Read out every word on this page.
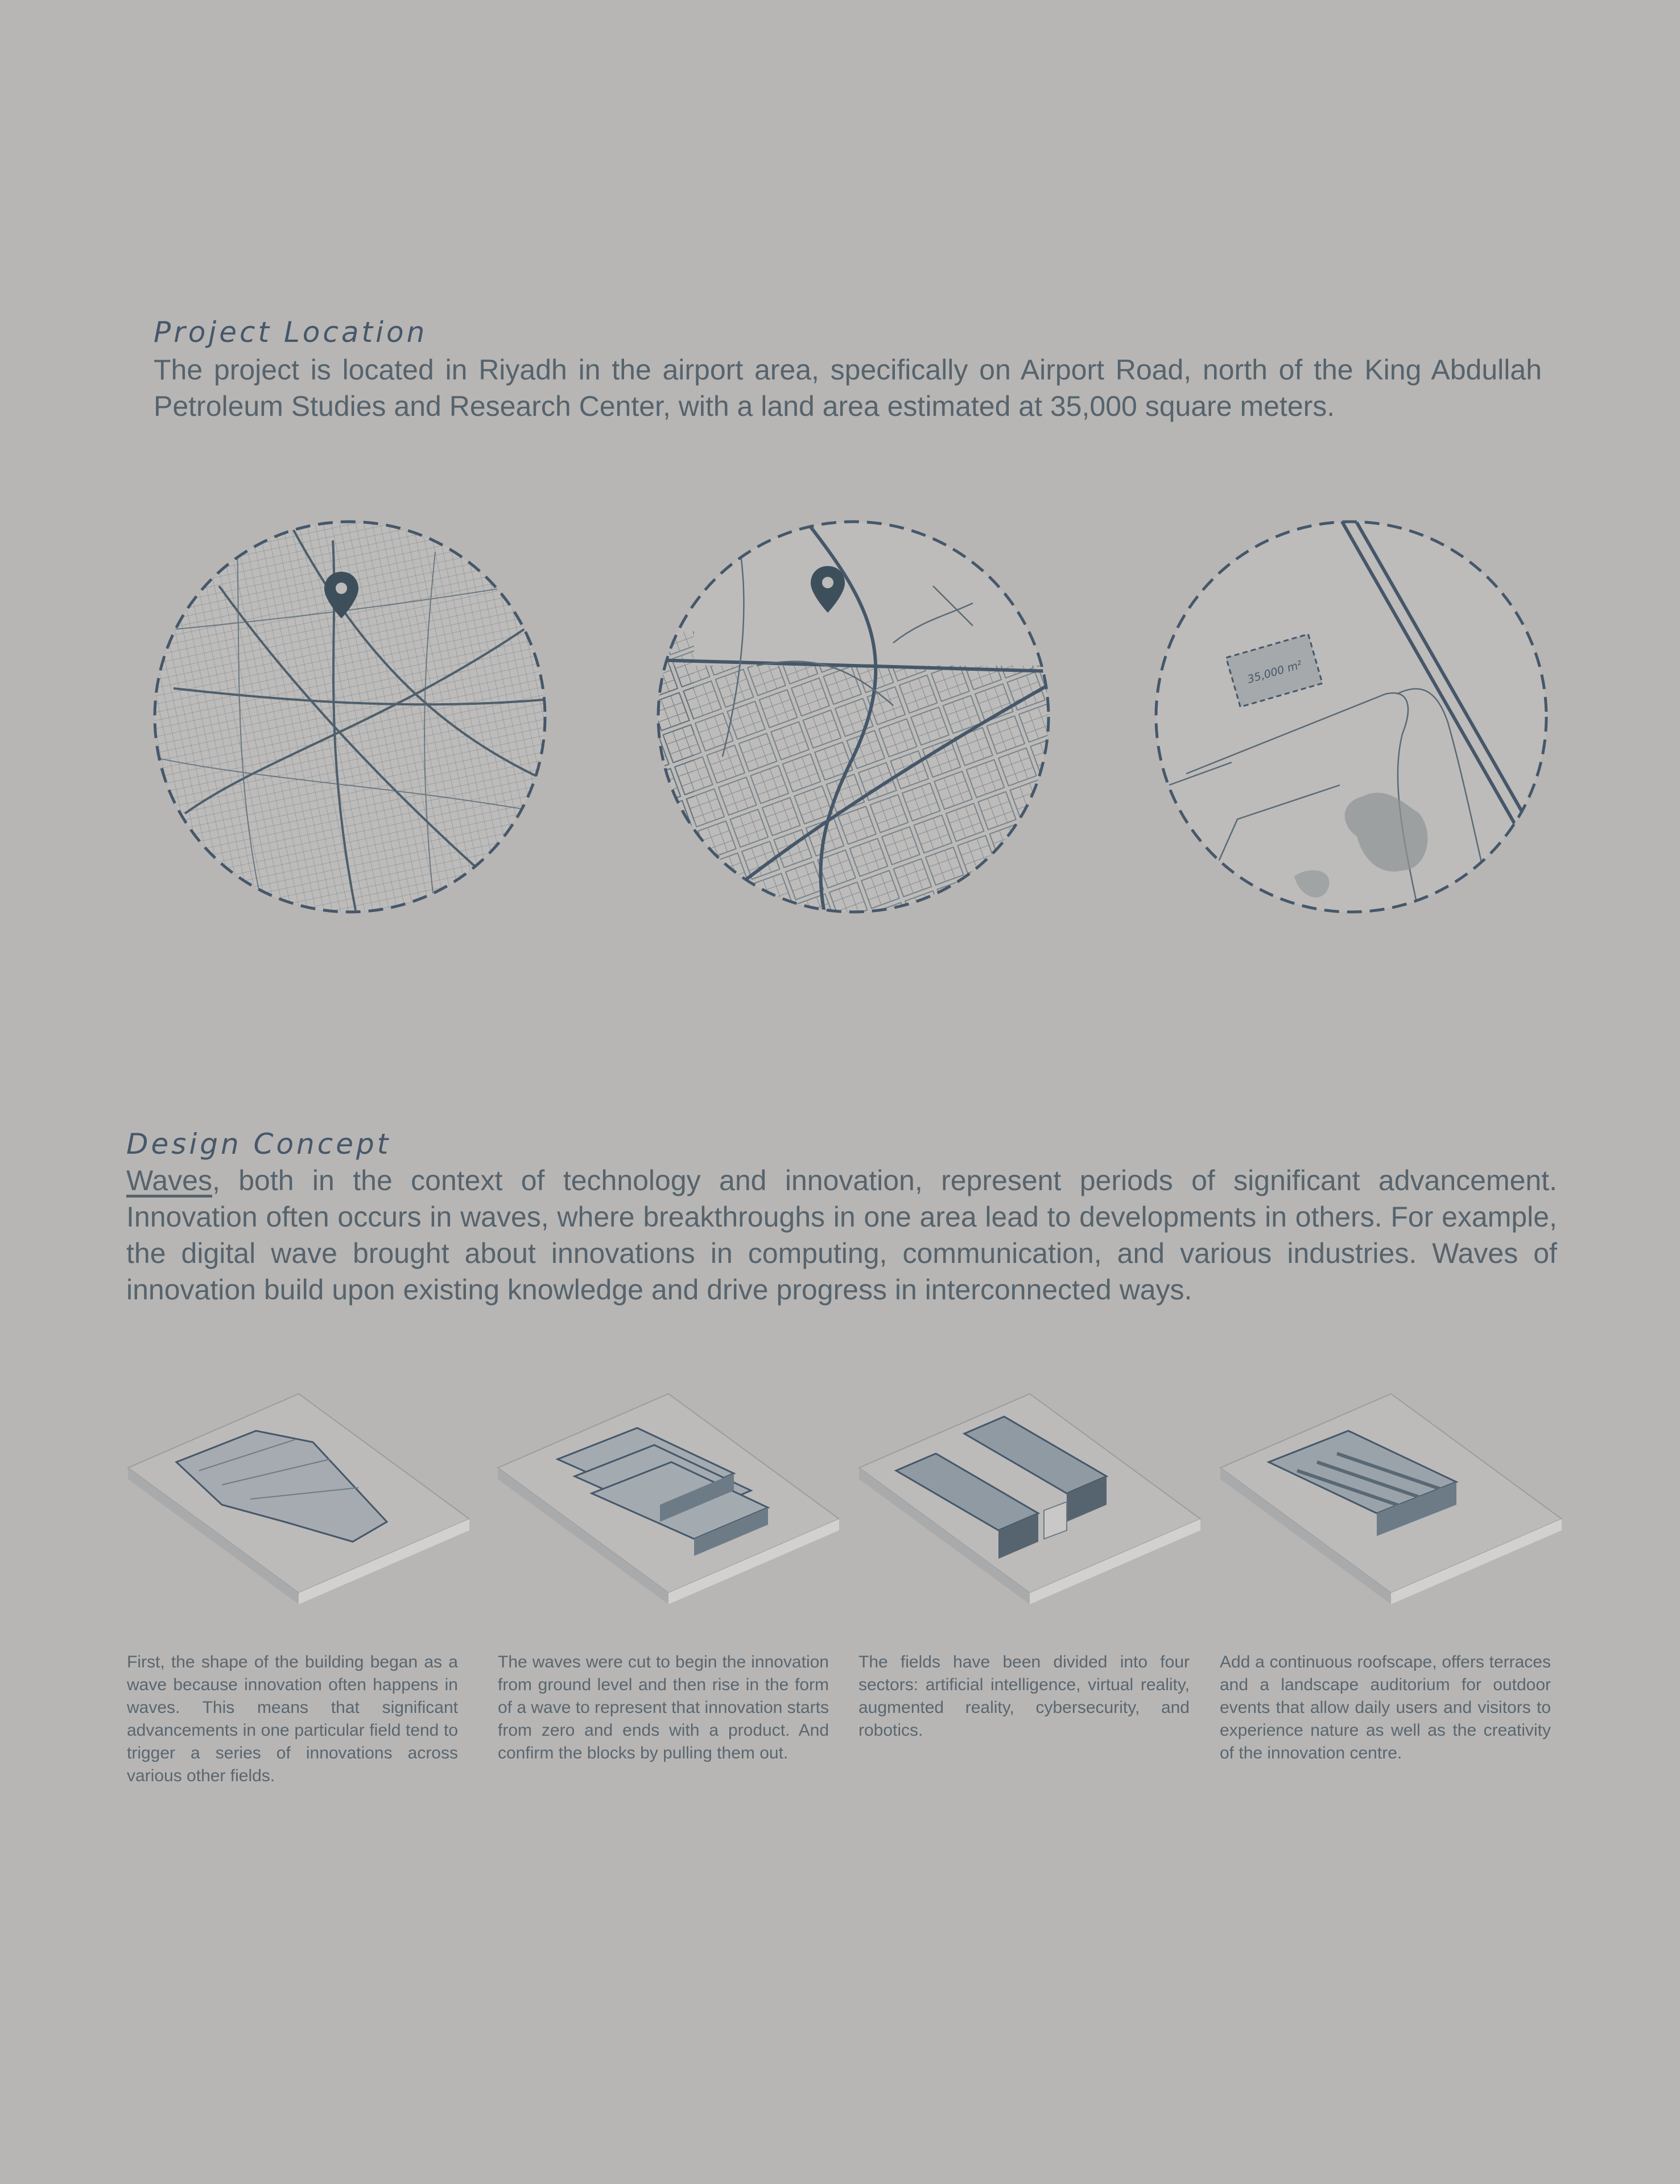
Project Location

The project is located in Riyadh in the airport area, specifically on Airport Road, north of the King Abdullah Petroleum Studies and Research Center, with a land area estimated at 35,000 square meters.

35,000 m²
Design Concept

Waves, both in the context of technology and innovation, represent periods of significant advancement. Innovation often occurs in waves, where breakthroughs in one area lead to developments in others. For example, the digital wave brought about innovations in computing, communication, and various industries. Waves of innovation build upon existing knowledge and drive progress in interconnected ways.

First, the shape of the building began as a wave because innovation often happens in waves. This means that significant advancements in one particular field tend to trigger a series of innovations across various other fields.

The waves were cut to begin the innovation from ground level and then rise in the form of a wave to represent that innovation starts from zero and ends with a product. And confirm the blocks by pulling them out.

The fields have been divided into four sectors: artificial intelligence, virtual reality, augmented reality, cybersecurity, and robotics.

Add a continuous roofscape, offers terraces and a landscape auditorium for outdoor events that allow daily users and visitors to experience nature as well as the creativity of the innovation centre.
